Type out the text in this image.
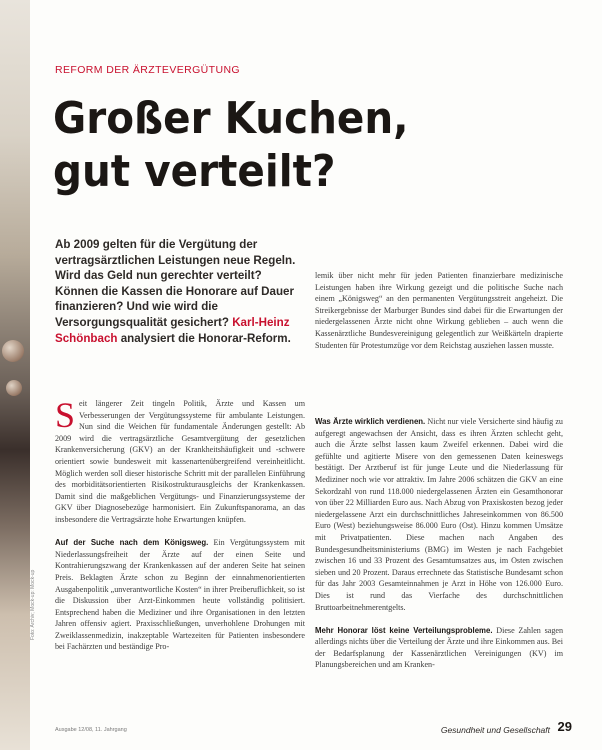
Foto: Archiv; Mock-up: Mock-up
REFORM DER ÄRZTEVERGÜTUNG
Großer Kuchen,
gut verteilt?
Ab 2009 gelten für die Vergütung der vertragsärztlichen Leistungen neue Regeln. Wird das Geld nun gerechter verteilt? Können die Kassen die Honorare auf Dauer finanzieren? Und wie wird die Versorgungsqualität gesichert? Karl-Heinz Schönbach analysiert die Honorar-Reform.

lemik über nicht mehr für jeden Patienten finanzierbare medizinische Leistungen haben ihre Wirkung gezeigt und die politische Suche nach einem „Königsweg“ an den permanenten Vergütungsstreit angeheizt. Die Streikergebnisse der Marburger Bundes sind dabei für die Erwartungen der niedergelassenen Ärzte nicht ohne Wirkung geblieben – auch wenn die Kassenärztliche Bundesvereinigung gelegentlich zur Weißkärteln drapierte Studenten für Protestumzüge vor dem Reichstag ausziehen lassen musste.

Seit längerer Zeit tingeln Politik, Ärzte und Kassen um Verbesserungen der Vergütungssysteme für ambulante Leistungen. Nun sind die Weichen für fundamentale Änderungen gestellt: Ab 2009 wird die vertragsärztliche Gesamtvergütung der gesetzlichen Krankenversicherung (GKV) an der Krankheitshäufigkeit und -schwere orientiert sowie bundesweit mit kassenartenübergreifend vereinheitlicht. Möglich werden soll dieser historische Schritt mit der parallelen Einführung des morbiditätsorientierten Risikostrukturausgleichs der Krankenkassen. Damit sind die maßgeblichen Vergütungs- und Finanzierungssysteme der GKV über Diagnosebezüge harmonisiert. Ein Zukunftspanorama, an das insbesondere die Vertragsärzte hohe Erwartungen knüpfen.

Auf der Suche nach dem Königsweg. Ein Vergütungssystem mit Niederlassungsfreiheit der Ärzte auf der einen Seite und Kontrahierungszwang der Krankenkassen auf der anderen Seite hat seinen Preis. Beklagten Ärzte schon zu Beginn der einnahmenorientierten Ausgabenpolitik „unverantwortliche Kosten“ in ihrer Preiberuflichkeit, so ist die Diskussion über Arzt-Einkommen heute vollständig politisiert. Entsprechend haben die Mediziner und ihre Organisationen in den letzten Jahren offensiv agiert. Praxisschließungen, unverhohlene Drohungen mit Zweiklassenmedizin, inakzeptable Wartezeiten für Patienten insbesondere bei Fachärzten und beständige Pro-

Was Ärzte wirklich verdienen. Nicht nur viele Versicherte sind häufig zu aufgeregt angewachsen der Ansicht, dass es ihren Ärzten schlecht geht, auch die Ärzte selbst lassen kaum Zweifel erkennen. Dabei wird die gefühlte und agitierte Misere von den gemessenen Daten keineswegs bestätigt. Der Arztberuf ist für junge Leute und die Niederlassung für Mediziner noch wie vor attraktiv. Im Jahre 2006 schätzen die GKV an eine Sekordzahl von rund 118.000 niedergelassenen Ärzten ein Gesamthonorar von über 22 Milliarden Euro aus. Nach Abzug von Praxiskosten bezog jeder niedergelassene Arzt ein durchschnittliches Jahreseinkommen von 86.500 Euro (West) beziehungsweise 86.000 Euro (Ost). Hinzu kommen Umsätze mit Privatpatienten. Diese machen nach Angaben des Bundesgesundheitsministeriums (BMG) im Westen je nach Fachgebiet zwischen 16 und 33 Prozent des Gesamtumsatzes aus, im Osten zwischen sieben und 20 Prozent. Daraus errechnete das Statistische Bundesamt schon für das Jahr 2003 Gesamteinnahmen je Arzt in Höhe von 126.000 Euro. Dies ist rund das Vierfache des durchschnittlichen Bruttoarbeitnehmerentgelts.

Mehr Honorar löst keine Verteilungsprobleme. Diese Zahlen sagen allerdings nichts über die Verteilung der Ärzte und ihre Einkommen aus. Bei der Bedarfsplanung der Kassenärztlichen Vereinigungen (KV) im Planungsbereichen und am Kranken-

Ausgabe 12/08, 11. Jahrgang	Gesundheit und Gesellschaft 29
